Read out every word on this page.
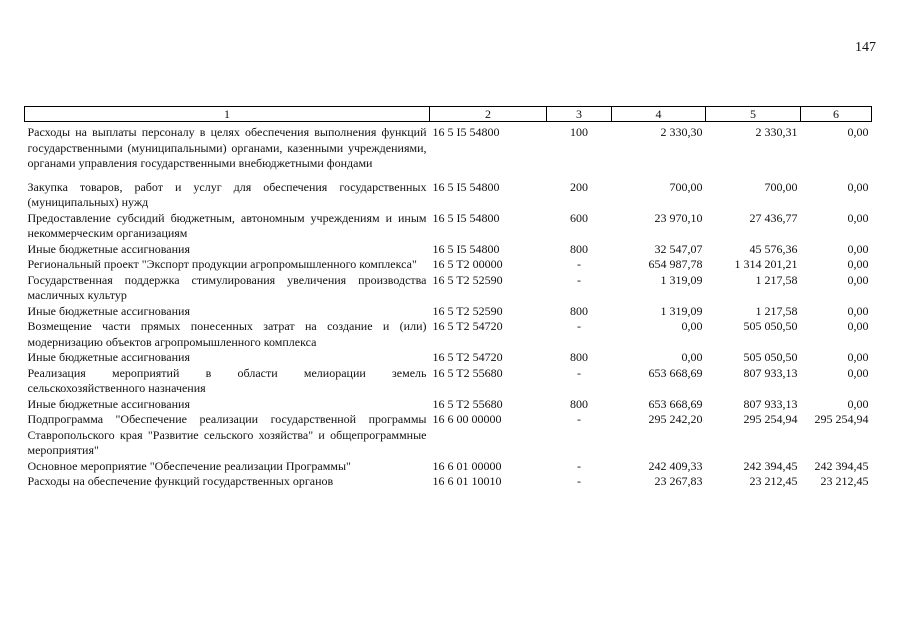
147
1	2	3	4	5	6
Расходы на выплаты персоналу в целях обеспечения выполнения функций государственными (муниципальными) органами, казенными учреждениями, органами управления государственными внебюджетными фондами	16 5 I5 54800	100	2 330,30	2 330,31	0,00
Закупка товаров, работ и услуг для обеспечения государственных (муниципальных) нужд	16 5 I5 54800	200	700,00	700,00	0,00
Предоставление субсидий бюджетным, автономным учреждениям и иным некоммерческим организациям	16 5 I5 54800	600	23 970,10	27 436,77	0,00
Иные бюджетные ассигнования	16 5 I5 54800	800	32 547,07	45 576,36	0,00
Региональный проект "Экспорт продукции агропромышленного комплекса"	16 5 T2 00000	-	654 987,78	1 314 201,21	0,00
Государственная поддержка стимулирования увеличения производства масличных культур	16 5 T2 52590	-	1 319,09	1 217,58	0,00
Иные бюджетные ассигнования	16 5 T2 52590	800	1 319,09	1 217,58	0,00
Возмещение части прямых понесенных затрат на создание и (или) модернизацию объектов агропромышленного комплекса	16 5 T2 54720	-	0,00	505 050,50	0,00
Иные бюджетные ассигнования	16 5 T2 54720	800	0,00	505 050,50	0,00
Реализация мероприятий в области мелиорации земель сельскохозяйственного назначения	16 5 T2 55680	-	653 668,69	807 933,13	0,00
Иные бюджетные ассигнования	16 5 T2 55680	800	653 668,69	807 933,13	0,00
Подпрограмма "Обеспечение реализации государственной программы Ставропольского края "Развитие сельского хозяйства" и общепрограммные мероприятия"	16 6 00 00000	-	295 242,20	295 254,94	295 254,94
Основное мероприятие "Обеспечение реализации Программы"	16 6 01 00000	-	242 409,33	242 394,45	242 394,45
Расходы на обеспечение функций государственных органов	16 6 01 10010	-	23 267,83	23 212,45	23 212,45
